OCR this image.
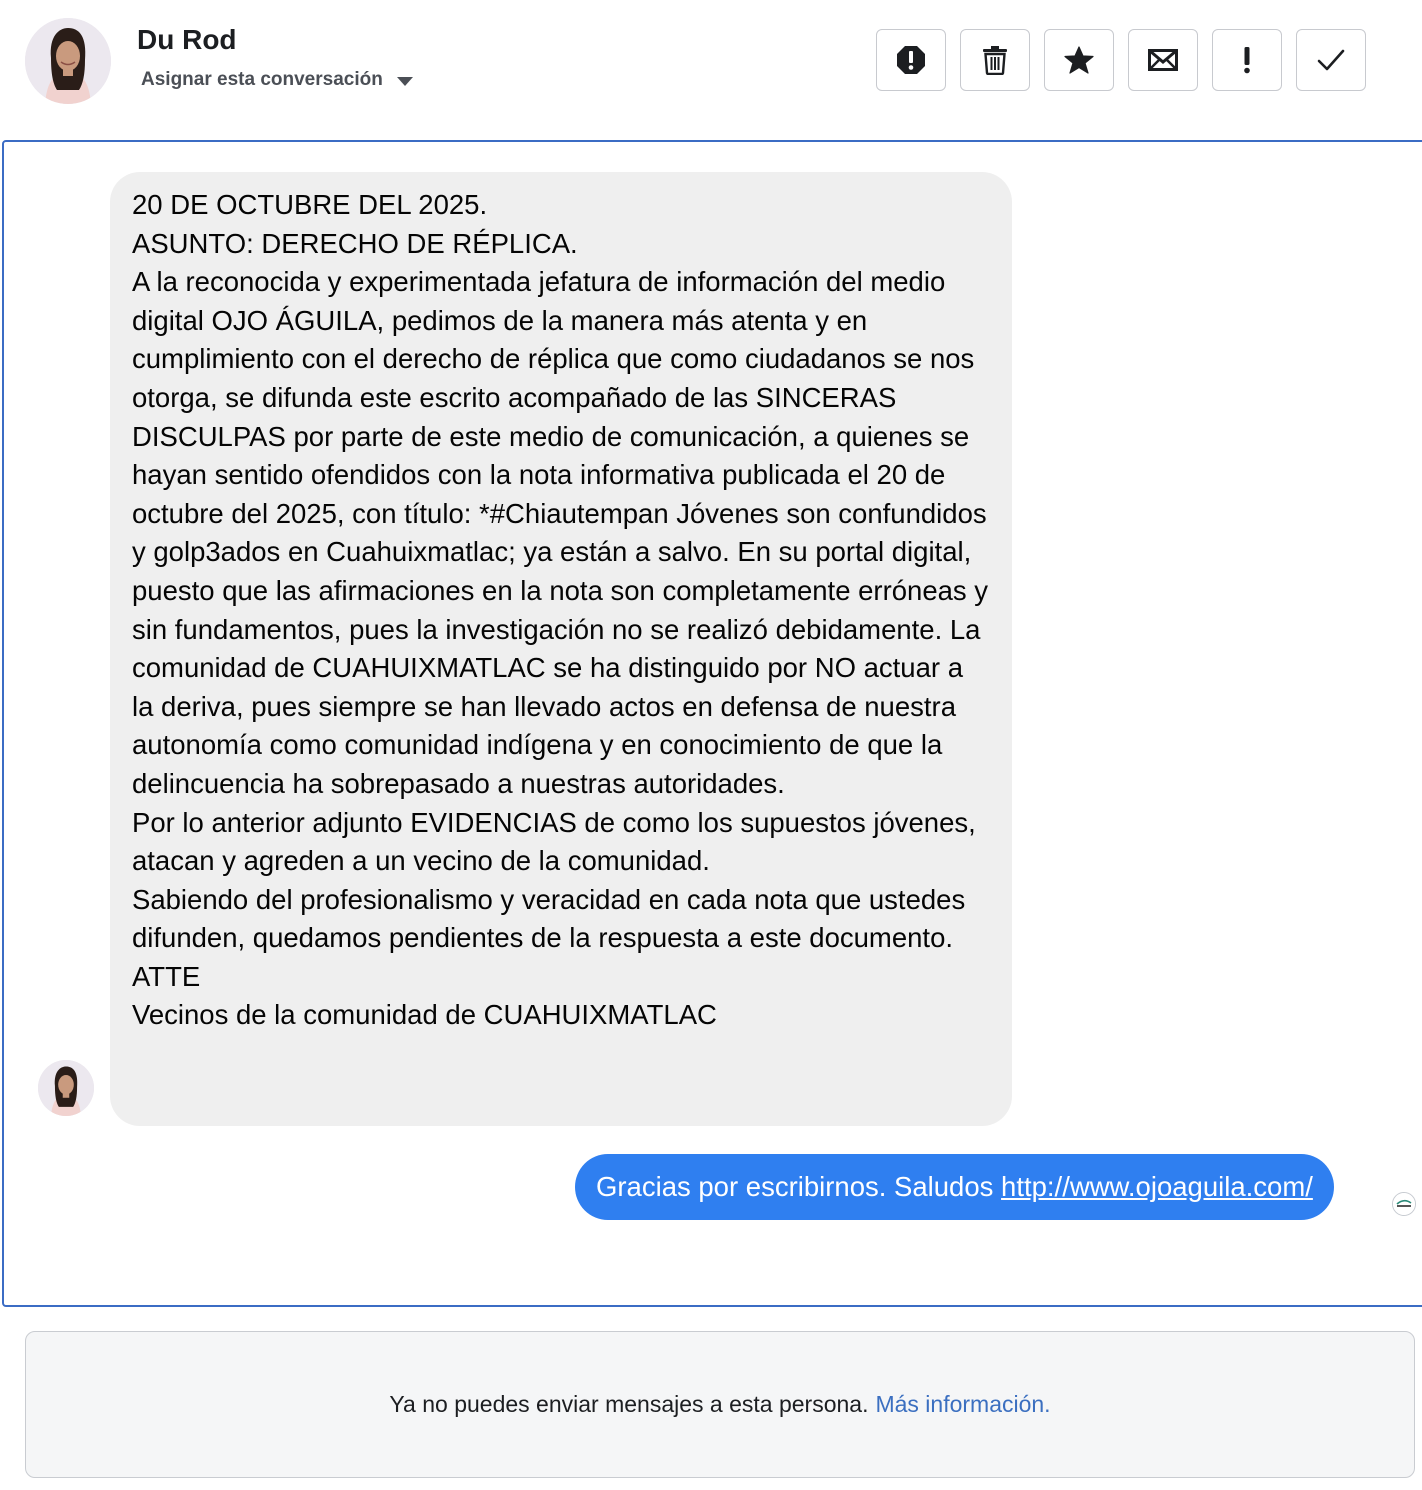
Du Rod
Asignar esta conversación
20 DE OCTUBRE DEL 2025.
ASUNTO: DERECHO DE RÉPLICA.
A la reconocida y experimentada jefatura de información del medio digital OJO ÁGUILA, pedimos de la manera más atenta y en cumplimiento con el derecho de réplica que como ciudadanos se nos otorga, se difunda este escrito acompañado de las SINCERAS DISCULPAS por parte de este medio de comunicación, a quienes se hayan sentido ofendidos con la nota informativa publicada el 20 de octubre del 2025, con título: *#Chiautempan Jóvenes son confundidos y golp3ados en Cuahuixmatlac; ya están a salvo. En su portal digital, puesto que las afirmaciones en la nota son completamente erróneas y sin fundamentos, pues la investigación no se realizó debidamente. La comunidad de CUAHUIXMATLAC se ha distinguido por NO actuar a la deriva, pues siempre se han llevado actos en defensa de nuestra autonomía como comunidad indígena y en conocimiento de que la delincuencia ha sobrepasado a nuestras autoridades.
Por lo anterior adjunto EVIDENCIAS de como los supuestos jóvenes, atacan y agreden a un vecino de la comunidad.
Sabiendo del profesionalismo y veracidad en cada nota que ustedes difunden, quedamos pendientes de la respuesta a este documento.
ATTE
Vecinos de la comunidad de CUAHUIXMATLAC
Gracias por escribirnos. Saludos http://www.ojoaguila.com/
Ya no puedes enviar mensajes a esta persona. Más información.
